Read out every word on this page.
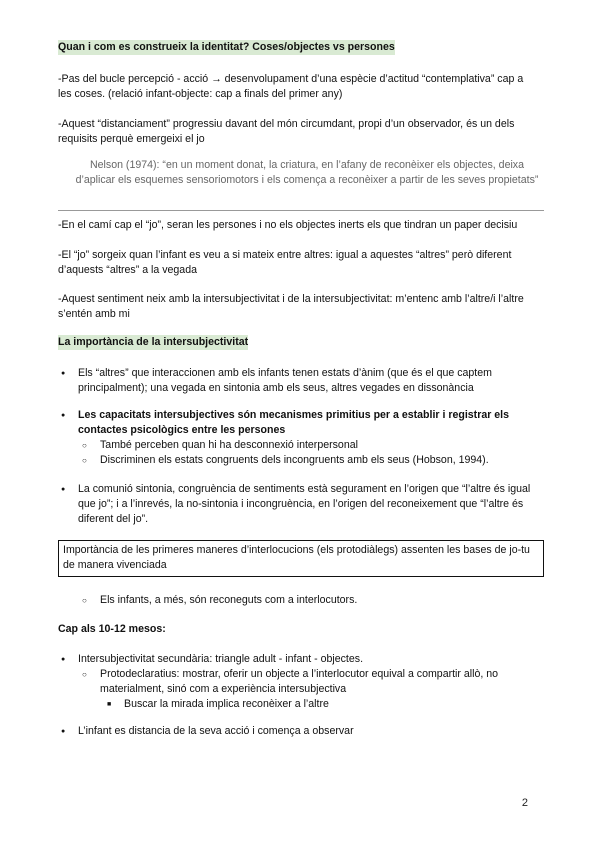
Quan i com es construeix la identitat? Coses/objectes vs persones

-Pas del bucle percepció - acció → desenvolupament d’una espècie d’actitud “contemplativa” cap a les coses. (relació infant-objecte: cap a finals del primer any)

-Aquest “distanciament” progressiu davant del món circumdant, propi d’un observador, és un dels requisits perquè emergeixi el jo

Nelson (1974): “en un moment donat, la criatura, en l’afany de reconèixer els objectes, deixa d’aplicar els esquemes sensoriomotors i els comença a reconèixer a partir de les seves propietats”

-En el camí cap el “jo”, seran les persones i no els objectes inerts els que tindran un paper decisiu

-El “jo” sorgeix quan l’infant es veu a si mateix entre altres: igual a aquestes “altres” però diferent d’aquests “altres” a la vegada

-Aquest sentiment neix amb la intersubjectivitat i de la intersubjectivitat: m’entenc amb l’altre/i l’altre s’entén amb mi

La importància de la intersubjectivitat
● Els “altres” que interaccionen amb els infants tenen estats d’ànim (que és el que captem principalment); una vegada en sintonia amb els seus, altres vegades en dissonància
● Les capacitats intersubjectives són mecanismes primitius per a establir i registrar els contactes psicològics entre les persones
○ També perceben quan hi ha desconnexió interpersonal
○ Discriminen els estats congruents dels incongruents amb els seus (Hobson, 1994).
● La comunió sintonia, congruència de sentiments està segurament en l’origen que “l’altre és igual que jo”; i a l’inrevés, la no-sintonia i incongruència, en l’origen del reconeixement que “l’altre és diferent del jo”.
Importància de les primeres maneres d’interlocucions (els protodiàlegs) assenten les bases de jo-tu de manera vivenciada
○ Els infants, a més, són reconeguts com a interlocutors.

Cap als 10-12 mesos:

● Intersubjectivitat secundària: triangle adult - infant - objectes.
○ Protodeclaratius: mostrar, oferir un objecte a l’interlocutor equival a compartir allò, no materialment, sinó com a experiència intersubjectiva
■ Buscar la mirada implica reconèixer a l’altre
● L’infant es distancia de la seva acció i comença a observar
2
